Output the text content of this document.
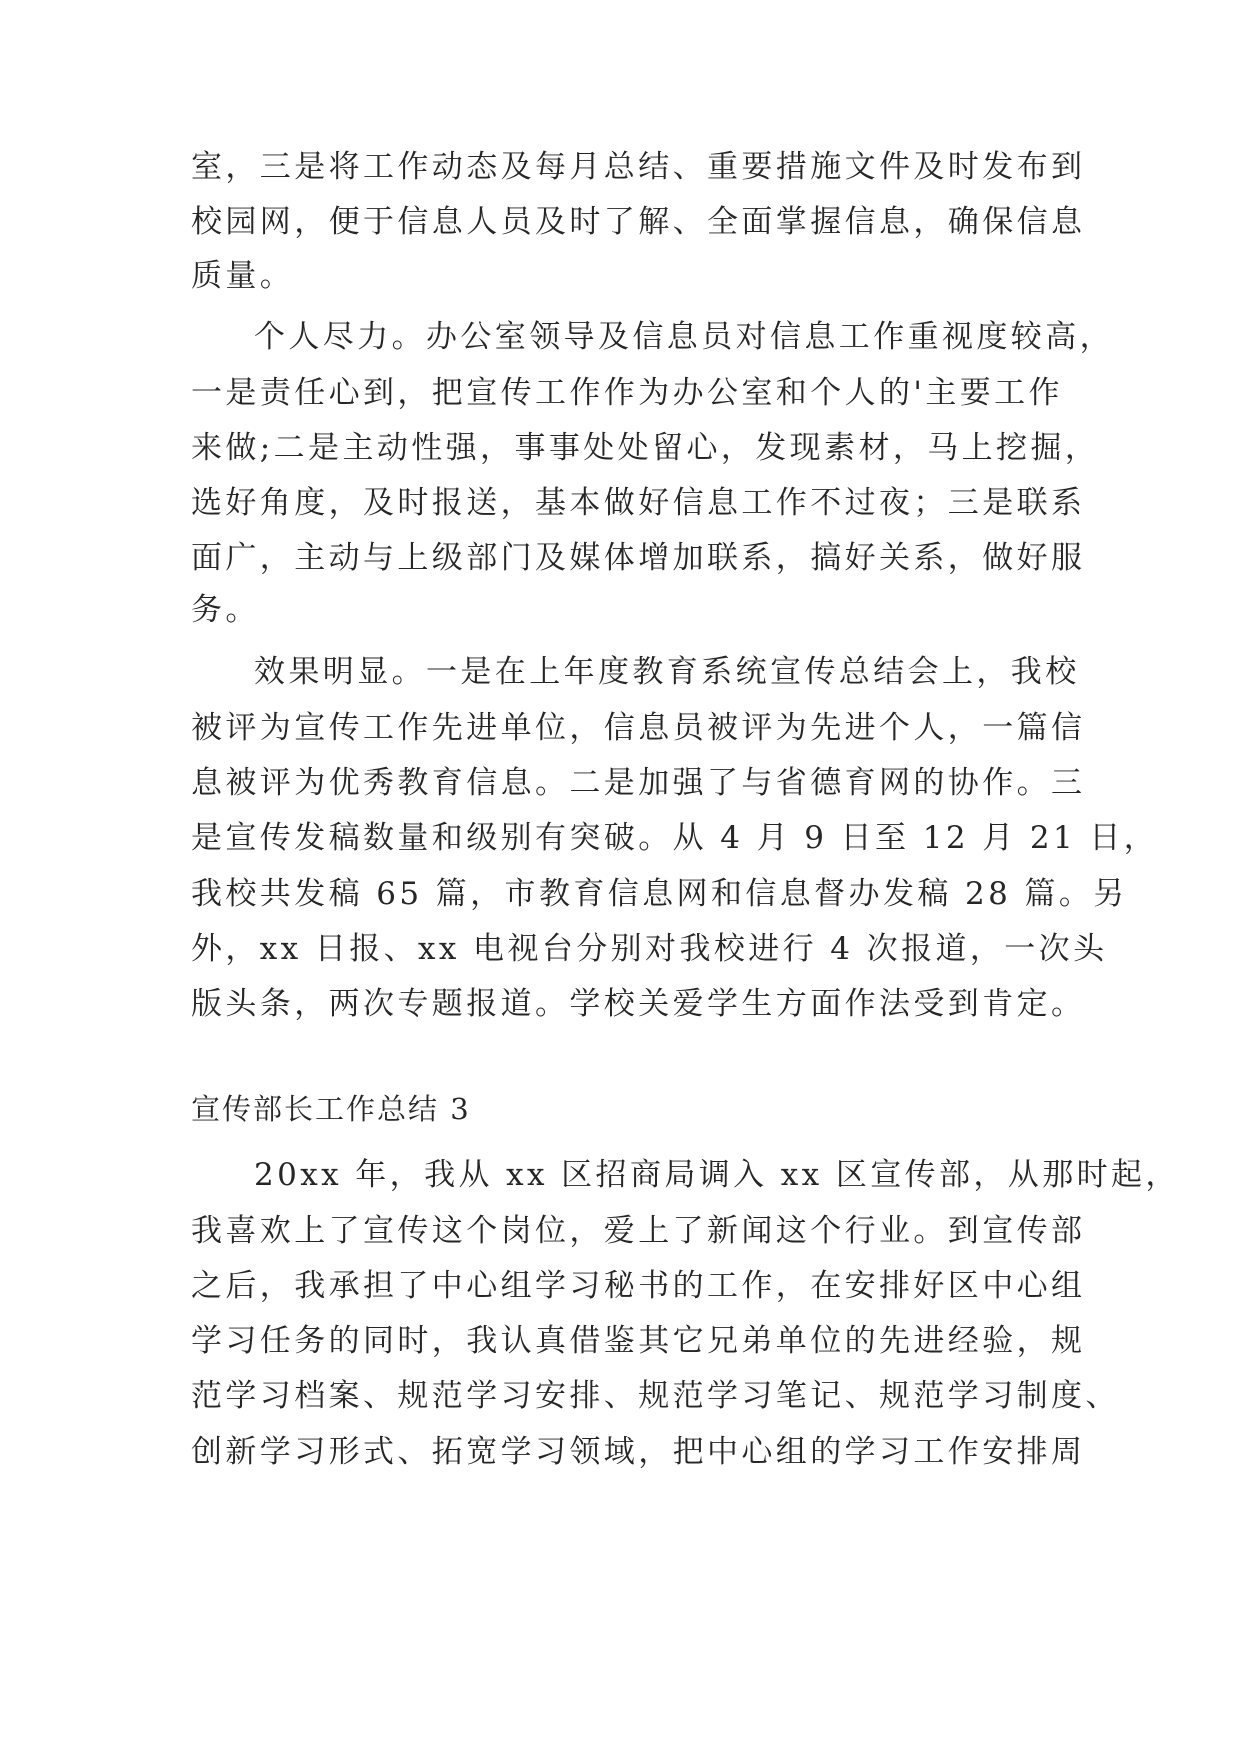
室，三是将工作动态及每月总结、重要措施文件及时发布到
校园网，便于信息人员及时了解、全面掌握信息，确保信息
质量。
个人尽力。办公室领导及信息员对信息工作重视度较高，
一是责任心到，把宣传工作作为办公室和个人的'主要工作
来做;二是主动性强，事事处处留心，发现素材，马上挖掘，
选好角度，及时报送，基本做好信息工作不过夜；三是联系
面广，主动与上级部门及媒体增加联系，搞好关系，做好服
务。
效果明显。一是在上年度教育系统宣传总结会上，我校
被评为宣传工作先进单位，信息员被评为先进个人，一篇信
息被评为优秀教育信息。二是加强了与省德育网的协作。三
是宣传发稿数量和级别有突破。从 4 月 9 日至 12 月 21 日，
我校共发稿 65 篇，市教育信息网和信息督办发稿 28 篇。另
外，xx 日报、xx 电视台分别对我校进行 4 次报道，一次头
版头条，两次专题报道。学校关爱学生方面作法受到肯定。
宣传部长工作总结 3
20xx 年，我从 xx 区招商局调入 xx 区宣传部，从那时起，
我喜欢上了宣传这个岗位，爱上了新闻这个行业。到宣传部
之后，我承担了中心组学习秘书的工作，在安排好区中心组
学习任务的同时，我认真借鉴其它兄弟单位的先进经验，规
范学习档案、规范学习安排、规范学习笔记、规范学习制度、
创新学习形式、拓宽学习领域，把中心组的学习工作安排周
